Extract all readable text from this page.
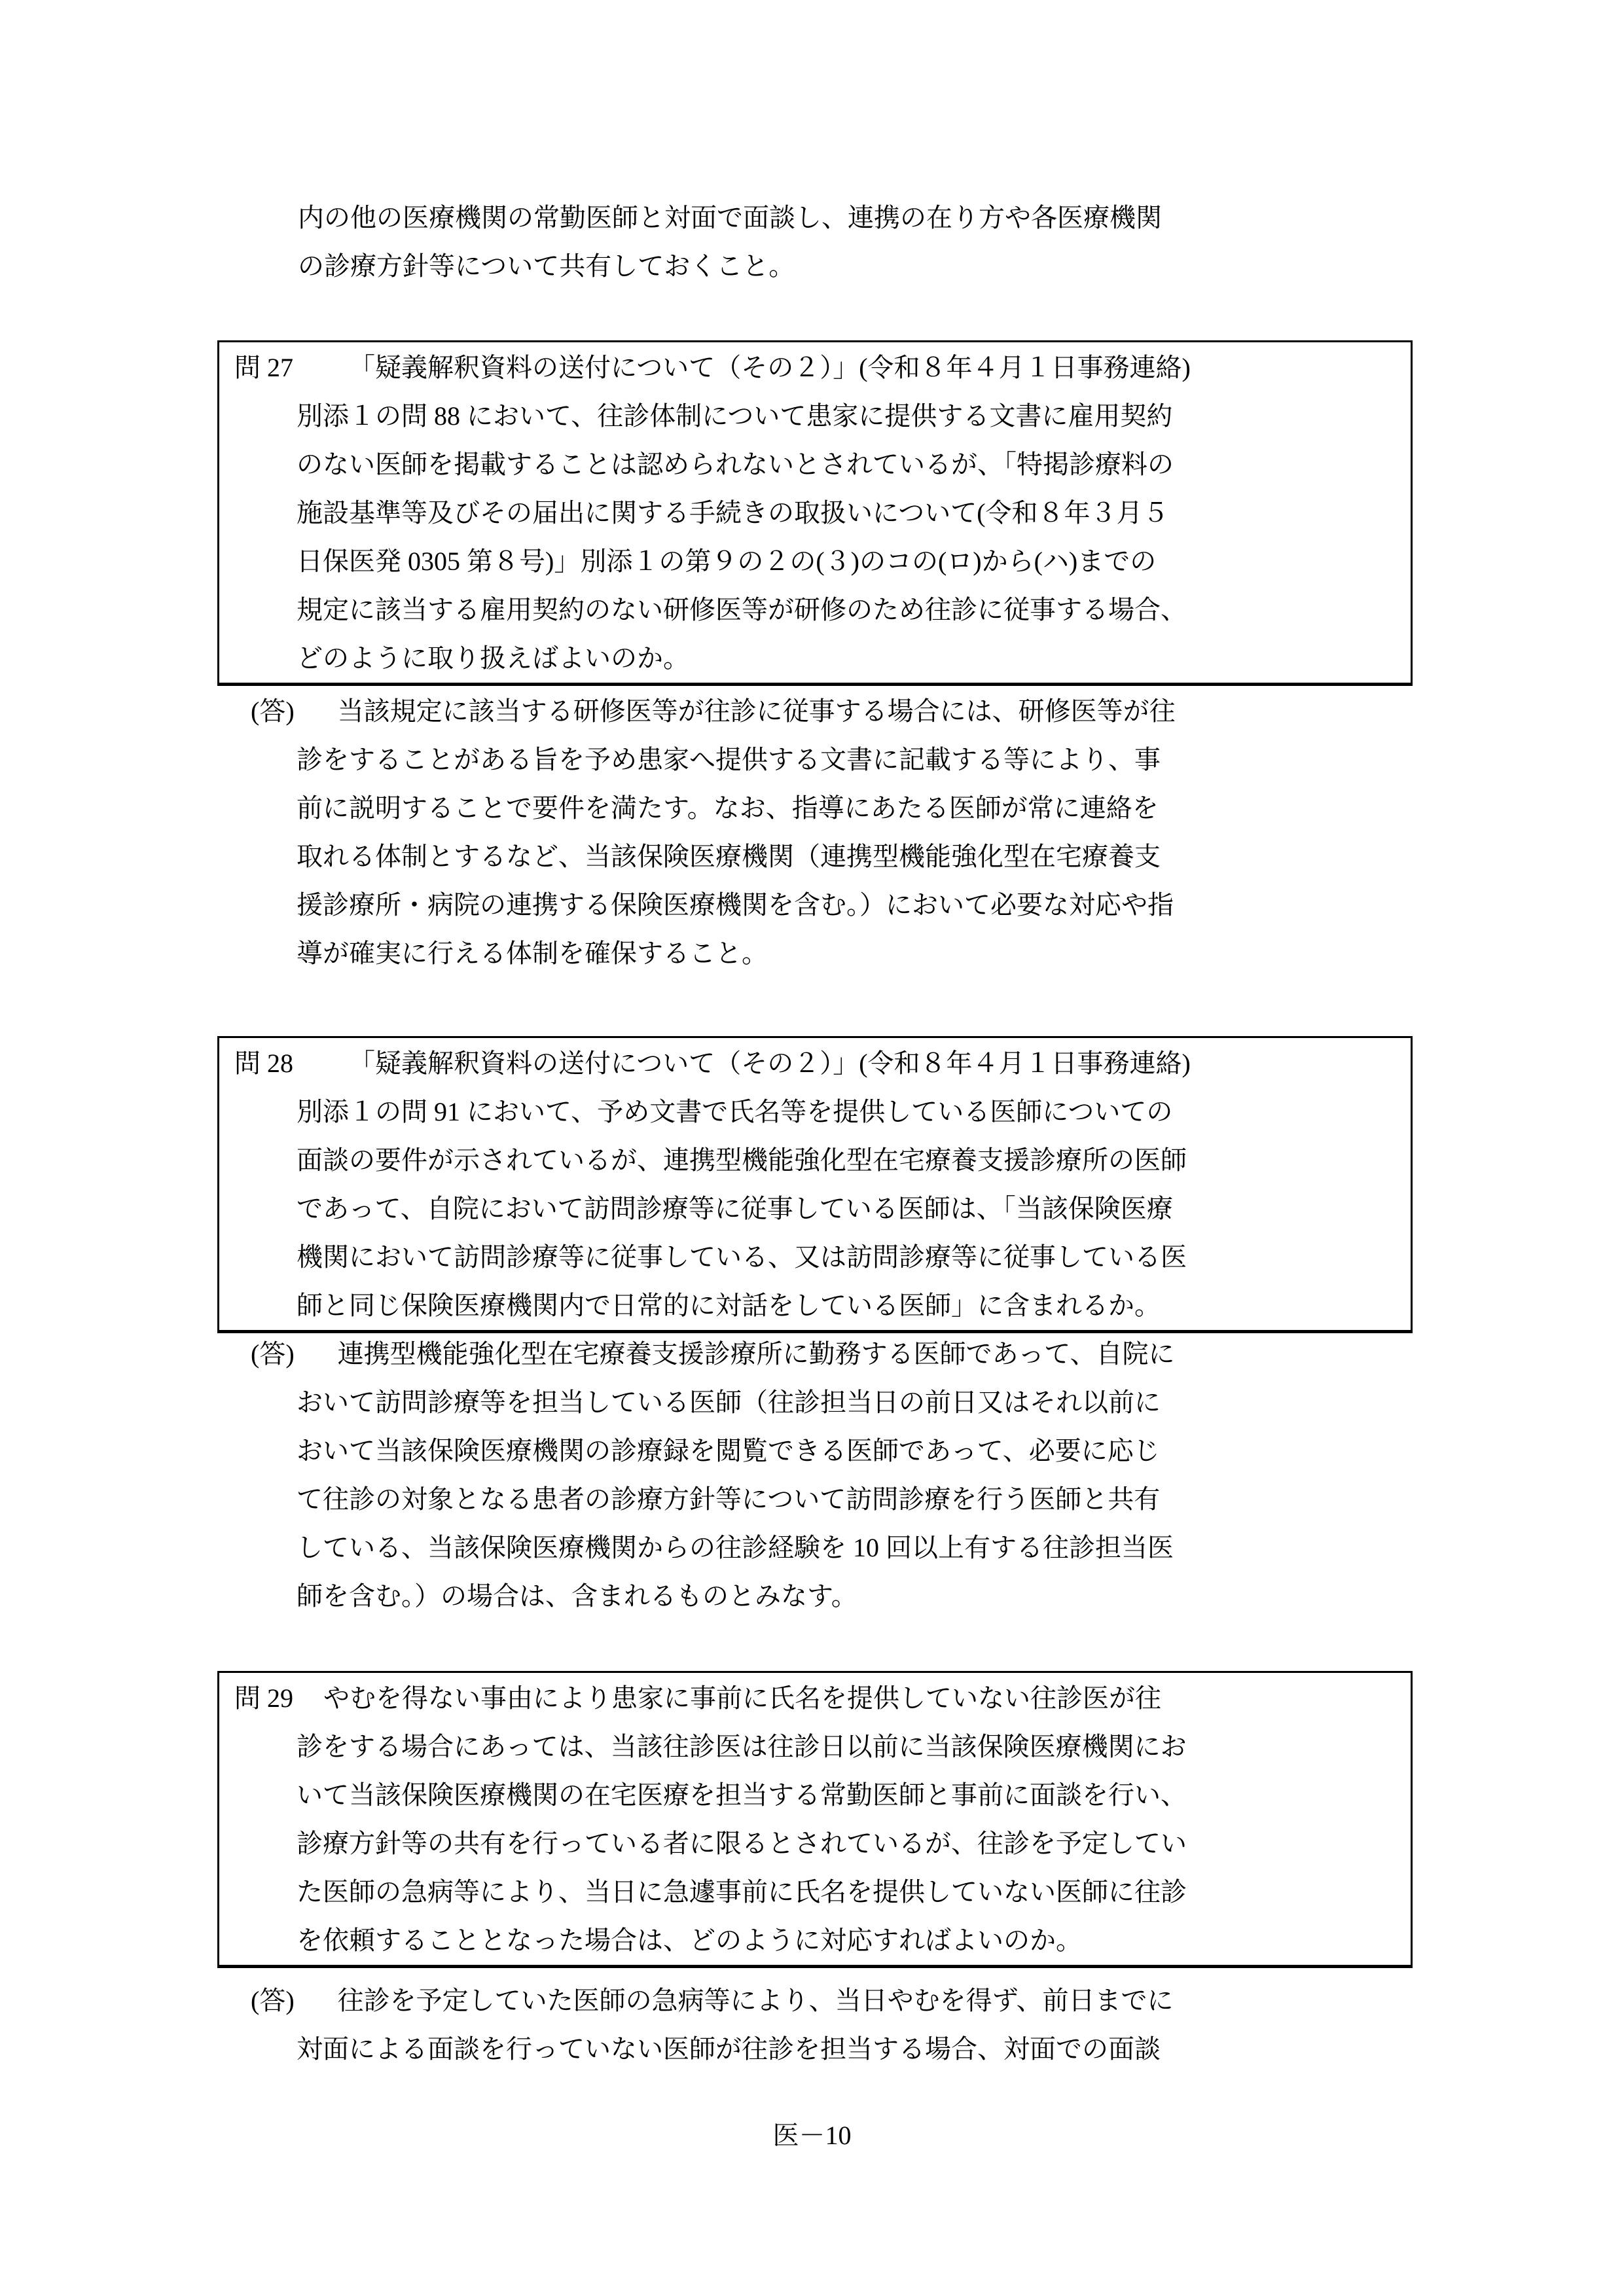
内の他の医療機関の常勤医師と対面で面談し、連携の在り方や各医療機関
の診療方針等について共有しておくこと。
問 27 「疑義解釈資料の送付について（その２）」(令和８年４月１日事務連絡)
別添１の問 88 において、往診体制について患家に提供する文書に雇用契約
のない医師を掲載することは認められないとされているが、「特掲診療料の
施設基準等及びその届出に関する手続きの取扱いについて(令和８年３月５
日保医発 0305 第８号)」別添１の第９の２の(３)のコの(ロ)から(ハ)までの
規定に該当する雇用契約のない研修医等が研修のため往診に従事する場合、
どのように取り扱えばよいのか。
(答) 当該規定に該当する研修医等が往診に従事する場合には、研修医等が往
診をすることがある旨を予め患家へ提供する文書に記載する等により、事
前に説明することで要件を満たす。なお、指導にあたる医師が常に連絡を
取れる体制とするなど、当該保険医療機関（連携型機能強化型在宅療養支
援診療所・病院の連携する保険医療機関を含む。）において必要な対応や指
導が確実に行える体制を確保すること。
問 28 「疑義解釈資料の送付について（その２）」(令和８年４月１日事務連絡)
別添１の問 91 において、予め文書で氏名等を提供している医師についての
面談の要件が示されているが、連携型機能強化型在宅療養支援診療所の医師
であって、自院において訪問診療等に従事している医師は、「当該保険医療
機関において訪問診療等に従事している、又は訪問診療等に従事している医
師と同じ保険医療機関内で日常的に対話をしている医師」に含まれるか。
(答) 連携型機能強化型在宅療養支援診療所に勤務する医師であって、自院に
おいて訪問診療等を担当している医師（往診担当日の前日又はそれ以前に
おいて当該保険医療機関の診療録を閲覧できる医師であって、必要に応じ
て往診の対象となる患者の診療方針等について訪問診療を行う医師と共有
している、当該保険医療機関からの往診経験を 10 回以上有する往診担当医
師を含む。）の場合は、含まれるものとみなす。
問 29 やむを得ない事由により患家に事前に氏名を提供していない往診医が往
診をする場合にあっては、当該往診医は往診日以前に当該保険医療機関にお
いて当該保険医療機関の在宅医療を担当する常勤医師と事前に面談を行い、
診療方針等の共有を行っている者に限るとされているが、往診を予定してい
た医師の急病等により、当日に急遽事前に氏名を提供していない医師に往診
を依頼することとなった場合は、どのように対応すればよいのか。
(答) 往診を予定していた医師の急病等により、当日やむを得ず、前日までに
対面による面談を行っていない医師が往診を担当する場合、対面での面談
医－10
